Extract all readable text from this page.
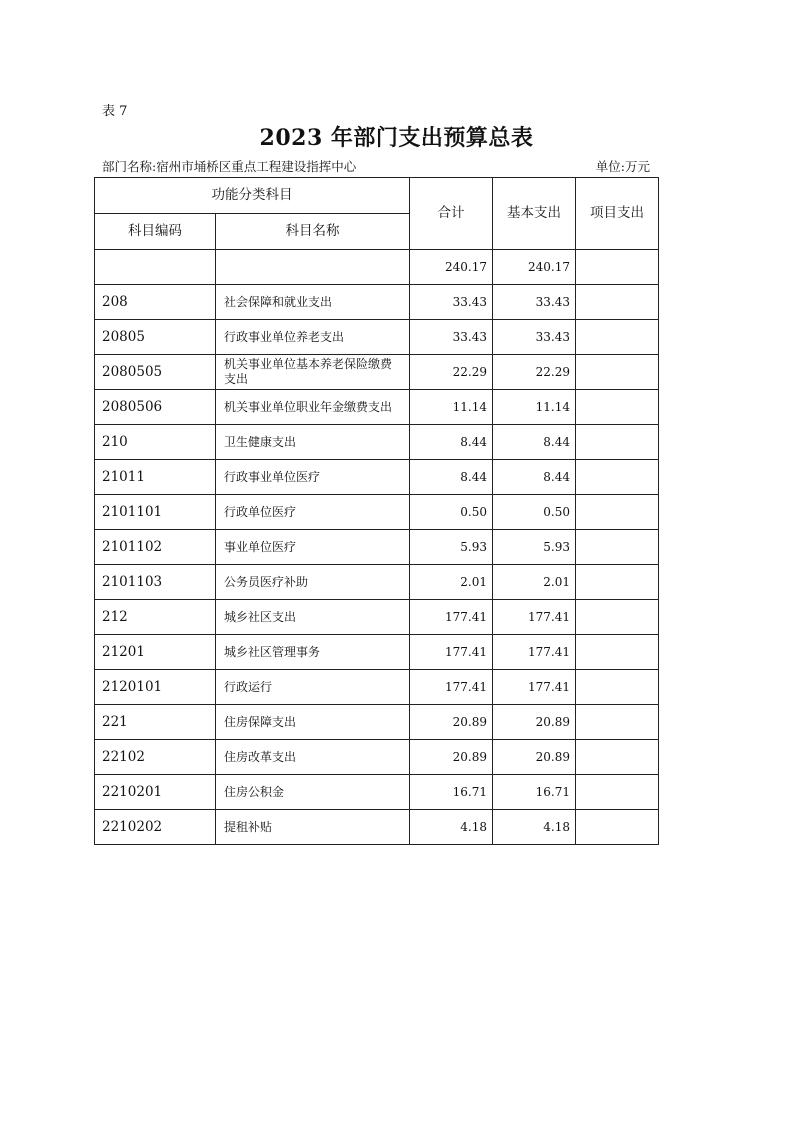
表 7
2023 年部门支出预算总表
部门名称:宿州市埇桥区重点工程建设指挥中心	单位:万元
功能分类科目		合计	基本支出	项目支出
科目编码	科目名称			
		240.17	240.17	
208	社会保障和就业支出	33.43	33.43	
20805	行政事业单位养老支出	33.43	33.43	
2080505	机关事业单位基本养老保险缴费支出	22.29	22.29	
2080506	机关事业单位职业年金缴费支出	11.14	11.14	
210	卫生健康支出	8.44	8.44	
21011	行政事业单位医疗	8.44	8.44	
2101101	行政单位医疗	0.50	0.50	
2101102	事业单位医疗	5.93	5.93	
2101103	公务员医疗补助	2.01	2.01	
212	城乡社区支出	177.41	177.41	
21201	城乡社区管理事务	177.41	177.41	
2120101	行政运行	177.41	177.41	
221	住房保障支出	20.89	20.89	
22102	住房改革支出	20.89	20.89	
2210201	住房公积金	16.71	16.71	
2210202	提租补贴	4.18	4.18	
